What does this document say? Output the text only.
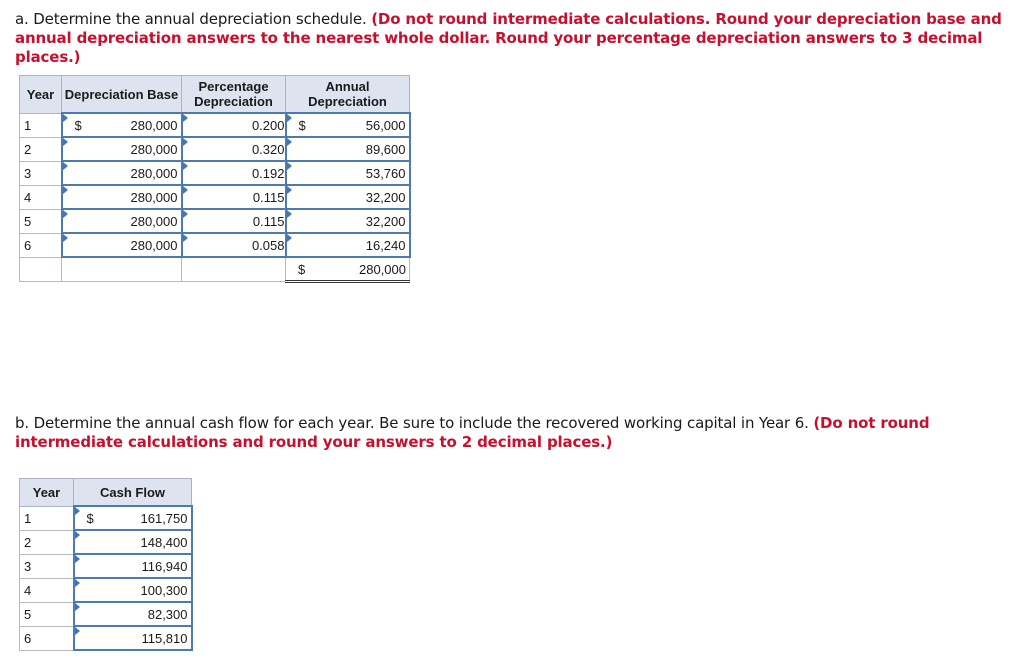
a. Determine the annual depreciation schedule. (Do not round intermediate calculations. Round your depreciation base and annual depreciation answers to the nearest whole dollar. Round your percentage depreciation answers to 3 decimal places.)
Year	Depreciation Base	Percentage Depreciation	Annual Depreciation
1	$ 280,000	0.200	$ 56,000

2	280,000	0.320	89,600

3	280,000	0.192	53,760

4	280,000	0.115	32,200

5	280,000	0.115	32,200

6	280,000	0.058	16,240

			$ 280,000
b. Determine the annual cash flow for each year. Be sure to include the recovered working capital in Year 6. (Do not round intermediate calculations and round your answers to 2 decimal places.)
Year	Cash Flow
1	$ 161,750

2	148,400

3	116,940

4	100,300

5	82,300

6	115,810
